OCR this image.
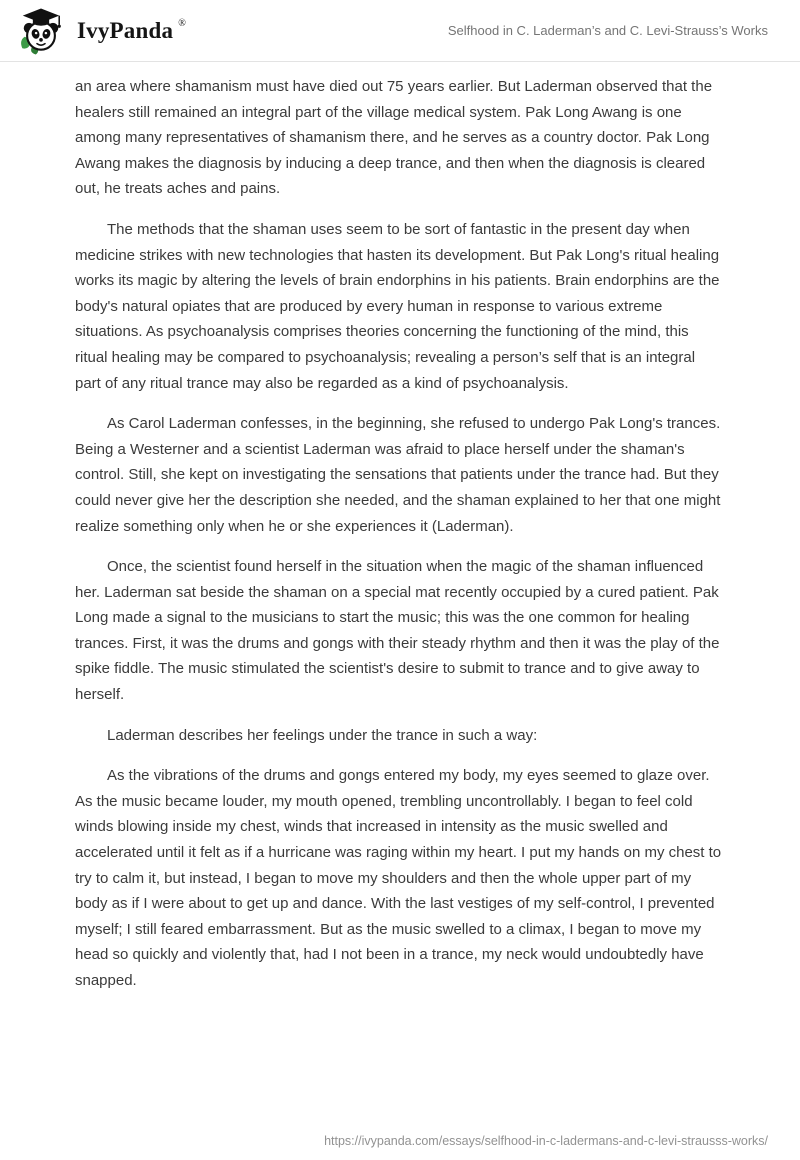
IvyPanda ®	Selfhood in C. Laderman’s and C. Levi-Strauss’s Works

an area where shamanism must have died out 75 years earlier. But Laderman observed that the healers still remained an integral part of the village medical system. Pak Long Awang is one among many representatives of shamanism there, and he serves as a country doctor. Pak Long Awang makes the diagnosis by inducing a deep trance, and then when the diagnosis is cleared out, he treats aches and pains.

The methods that the shaman uses seem to be sort of fantastic in the present day when medicine strikes with new technologies that hasten its development. But Pak Long's ritual healing works its magic by altering the levels of brain endorphins in his patients. Brain endorphins are the body's natural opiates that are produced by every human in response to various extreme situations. As psychoanalysis comprises theories concerning the functioning of the mind, this ritual healing may be compared to psychoanalysis; revealing a person’s self that is an integral part of any ritual trance may also be regarded as a kind of psychoanalysis.

As Carol Laderman confesses, in the beginning, she refused to undergo Pak Long's trances. Being a Westerner and a scientist Laderman was afraid to place herself under the shaman's control. Still, she kept on investigating the sensations that patients under the trance had. But they could never give her the description she needed, and the shaman explained to her that one might realize something only when he or she experiences it (Laderman).

Once, the scientist found herself in the situation when the magic of the shaman influenced her. Laderman sat beside the shaman on a special mat recently occupied by a cured patient. Pak Long made a signal to the musicians to start the music; this was the one common for healing trances. First, it was the drums and gongs with their steady rhythm and then it was the play of the spike fiddle. The music stimulated the scientist's desire to submit to trance and to give away to herself.

Laderman describes her feelings under the trance in such a way:

As the vibrations of the drums and gongs entered my body, my eyes seemed to glaze over. As the music became louder, my mouth opened, trembling uncontrollably. I began to feel cold winds blowing inside my chest, winds that increased in intensity as the music swelled and accelerated until it felt as if a hurricane was raging within my heart. I put my hands on my chest to try to calm it, but instead, I began to move my shoulders and then the whole upper part of my body as if I were about to get up and dance. With the last vestiges of my self-control, I prevented myself; I still feared embarrassment. But as the music swelled to a climax, I began to move my head so quickly and violently that, had I not been in a trance, my neck would undoubtedly have snapped.

https://ivypanda.com/essays/selfhood-in-c-ladermans-and-c-levi-strausss-works/
